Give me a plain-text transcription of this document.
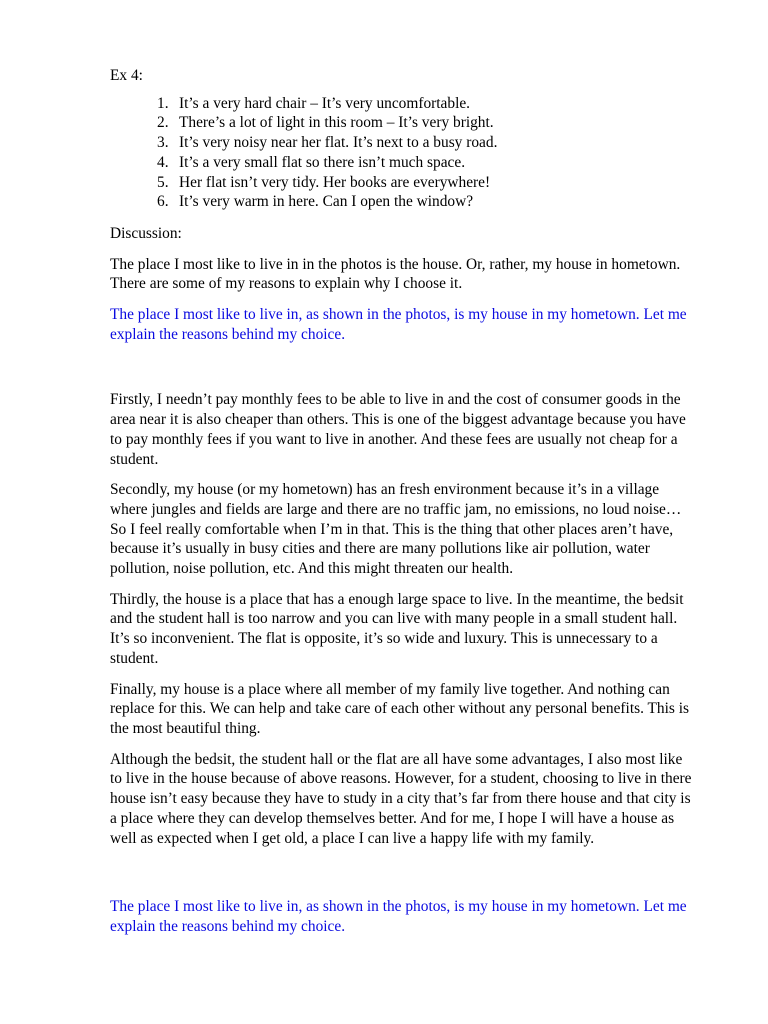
Ex 4:

It’s a very hard chair – It’s very uncomfortable.
There’s a lot of light in this room – It’s very bright.
It’s very noisy near her flat. It’s next to a busy road.
It’s a very small flat so there isn’t much space.
Her flat isn’t very tidy. Her books are everywhere!
It’s very warm in here. Can I open the window?

Discussion:

The place I most like to live in in the photos is the house. Or, rather, my house in hometown. There are some of my reasons to explain why I choose it.

The place I most like to live in, as shown in the photos, is my house in my hometown. Let me explain the reasons behind my choice.

Firstly, I needn’t pay monthly fees to be able to live in and the cost of consumer goods in the area near it is also cheaper than others. This is one of the biggest advantage because you have to pay monthly fees if you want to live in another. And these fees are usually not cheap for a student.

Secondly, my house (or my hometown) has an fresh environment because it’s in a village where jungles and fields are large and there are no traffic jam, no emissions, no loud noise… So I feel really comfortable when I’m in that. This is the thing that other places aren’t have, because it’s usually in busy cities and there are many pollutions like air pollution, water pollution, noise pollution, etc. And this might threaten our health.

Thirdly, the house is a place that has a enough large space to live. In the meantime, the bedsit and the student hall is too narrow and you can live with many people in a small student hall. It’s so inconvenient. The flat is opposite, it’s so wide and luxury. This is unnecessary to a student.

Finally, my house is a place where all member of my family live together. And nothing can replace for this. We can help and take care of each other without any personal benefits. This is the most beautiful thing.

Although the bedsit, the student hall or the flat are all have some advantages, I also most like to live in the house because of above reasons. However, for a student, choosing to live in there house isn’t easy because they have to study in a city that’s far from there house and that city is a place where they can develop themselves better. And for me, I hope I will have a house as well as expected when I get old, a place I can live a happy life with my family.

The place I most like to live in, as shown in the photos, is my house in my hometown. Let me explain the reasons behind my choice.
